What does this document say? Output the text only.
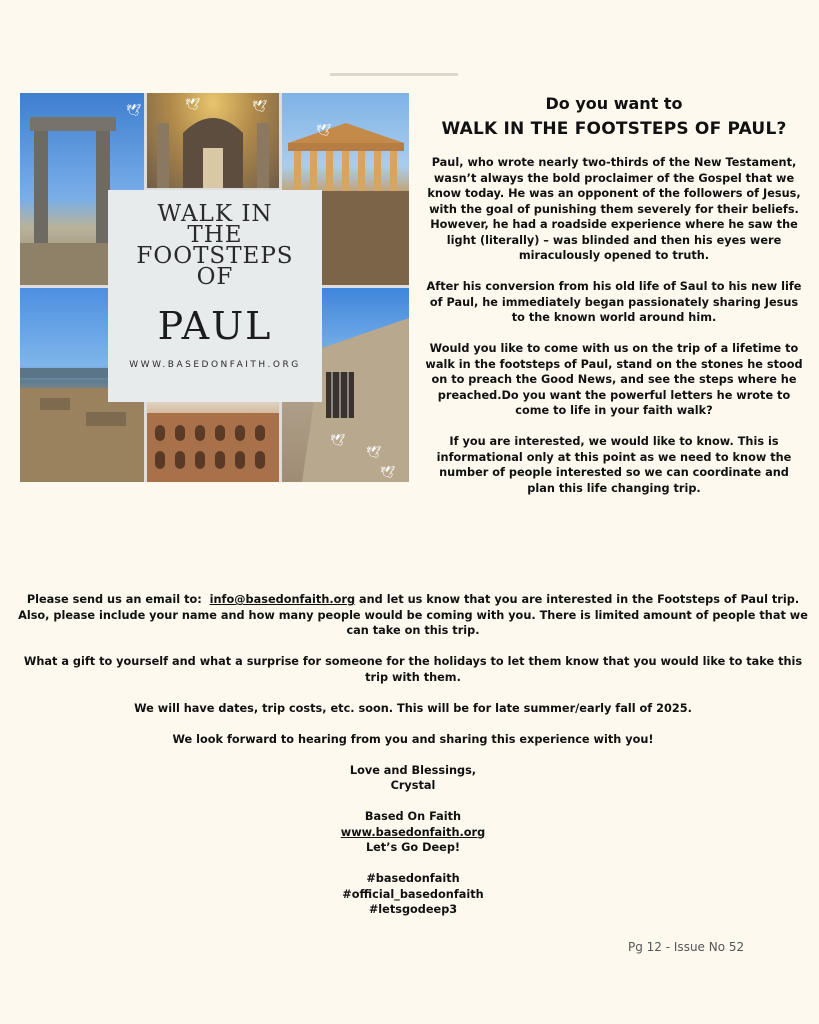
🕊	🕊	🕊
🕊
🕊
🕊
🕊
WALK IN
THE
FOOTSTEPS
OF
PAUL
WWW.BASEDONFAITH.ORG
Do you want to
WALK IN THE FOOTSTEPS OF PAUL?

Paul, who wrote nearly two-thirds of the New Testament, wasn’t always the bold proclaimer of the Gospel that we know today. He was an opponent of the followers of Jesus, with the goal of punishing them severely for their beliefs. However, he had a roadside experience where he saw the light (literally) – was blinded and then his eyes were miraculously opened to truth.

After his conversion from his old life of Saul to his new life of Paul, he immediately began passionately sharing Jesus to the known world around him.

Would you like to come with us on the trip of a lifetime to walk in the footsteps of Paul, stand on the stones he stood on to preach the Good News, and see the steps where he preached.Do you want the powerful letters he wrote to come to life in your faith walk?

If you are interested, we would like to know. This is informational only at this point as we need to know the number of people interested so we can coordinate and plan this life changing trip.

Please send us an email to: info@basedonfaith.org and let us know that you are interested in the Footsteps of Paul trip. Also, please include your name and how many people would be coming with you. There is limited amount of people that we can take on this trip.

What a gift to yourself and what a surprise for someone for the holidays to let them know that you would like to take this trip with them.

We will have dates, trip costs, etc. soon. This will be for late summer/early fall of 2025.

We look forward to hearing from you and sharing this experience with you!

Love and Blessings,
Crystal

Based On Faith
www.basedonfaith.org
Let’s Go Deep!

#basedonfaith
#official_basedonfaith
#letsgodeep3

Pg 12 - Issue No 52
